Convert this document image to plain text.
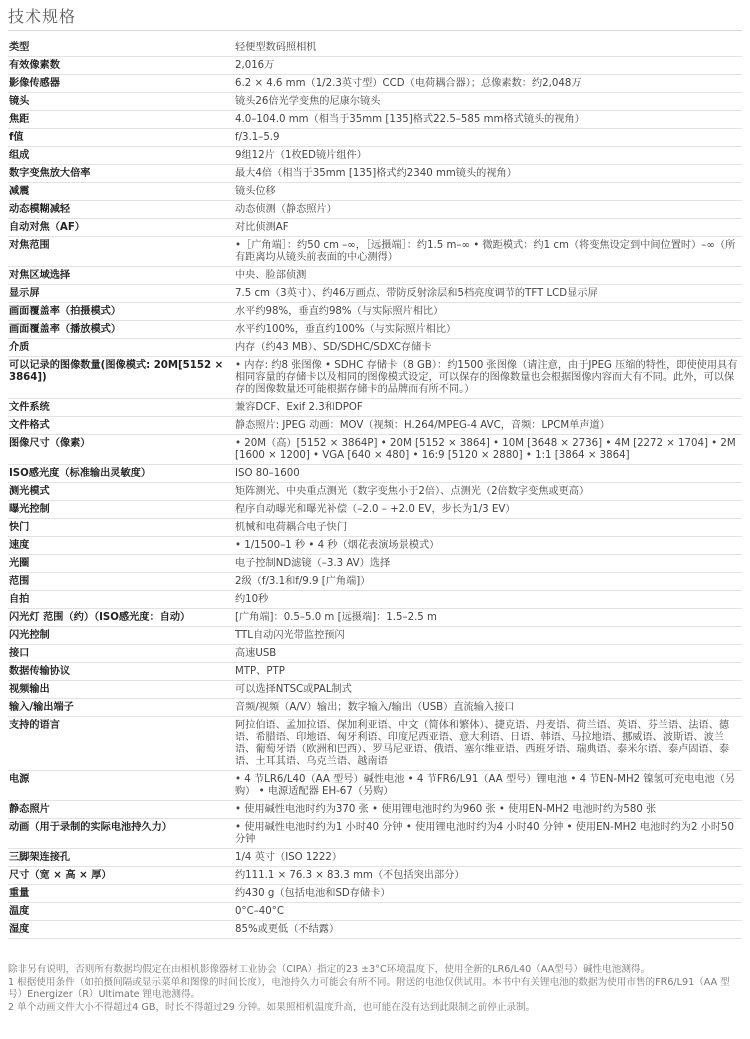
技术规格
类型	轻便型数码照相机
有效像素数	2,016万
影像传感器	6.2 × 4.6 mm（1/2.3英寸型）CCD（电荷耦合器）；总像素数：约2,048万
镜头	镜头26倍光学变焦的尼康尔镜头
焦距	4.0–104.0 mm（相当于35mm [135]格式22.5–585 mm格式镜头的视角）
f值	f/3.1–5.9
组成	9组12片（1枚ED镜片组件）
数字变焦放大倍率	最大4倍（相当于35mm [135]格式约2340 mm镜头的视角）
减震	镜头位移
动态模糊减轻	动态侦测（静态照片）
自动对焦（AF）	对比侦测AF
对焦范围	•［广角端］：约50 cm –∞，［远摄端］：约1.5 m–∞ • 微距模式：约1 cm（将变焦设定到中间位置时）–∞（所有距离均从镜头前表面的中心测得）
对焦区域选择	中央、脸部侦测
显示屏	7.5 cm（3英寸）、约46万画点、带防反射涂层和5档亮度调节的TFT LCD显示屏
画面覆盖率（拍摄模式）	水平约98%，垂直约98%（与实际照片相比）
画面覆盖率（播放模式）	水平约100%，垂直约100%（与实际照片相比）
介质	内存（约43 MB）、SD/SDHC/SDXC存储卡
可以记录的图像数量(图像模式: 20M[5152 × 3864])	• 内存: 约8 张图像 • SDHC 存储卡（8 GB）：约1500 张图像（请注意，由于JPEG 压缩的特性，即使使用具有相同容量的存储卡以及相同的图像模式设定，可以保存的图像数量也会根据图像内容而大有不同。此外，可以保存的图像数量还可能根据存储卡的品牌而有所不同。）
文件系统	兼容DCF、Exif 2.3和DPOF
文件格式	静态照片: JPEG 动画：MOV（视频：H.264/MPEG-4 AVC，音频：LPCM单声道）
图像尺寸（像素）	• 20M（高）[5152 × 3864P] • 20M [5152 × 3864] • 10M [3648 × 2736] • 4M [2272 × 1704] • 2M [1600 × 1200] • VGA [640 × 480] • 16:9 [5120 × 2880] • 1:1 [3864 × 3864]
ISO感光度（标准输出灵敏度）	ISO 80–1600
测光模式	矩阵测光、中央重点测光（数字变焦小于2倍）、点测光（2倍数字变焦或更高）
曝光控制	程序自动曝光和曝光补偿（–2.0 – +2.0 EV，步长为1/3 EV）
快门	机械和电荷耦合电子快门
速度	• 1/1500–1 秒 • 4 秒（烟花表演场景模式）
光圈	电子控制ND滤镜（–3.3 AV）选择
范围	2级（f/3.1和f/9.9 [广角端]）
自拍	约10秒
闪光灯 范围（约）（ISO感光度：自动）	[广角端]：0.5–5.0 m [远摄端]：1.5–2.5 m
闪光控制	TTL自动闪光带监控预闪
接口	高速USB
数据传输协议	MTP、PTP
视频输出	可以选择NTSC或PAL制式
输入/输出端子	音频/视频（A/V）输出；数字输入/输出（USB）直流输入接口
支持的语言	阿拉伯语、孟加拉语、保加利亚语、中文（简体和繁体）、捷克语、丹麦语、荷兰语、英语、芬兰语、法语、德语、希腊语、印地语、匈牙利语、印度尼西亚语、意大利语、日语、韩语、马拉地语、挪威语、波斯语、波兰语、葡萄牙语（欧洲和巴西）、罗马尼亚语、俄语、塞尔维亚语、西班牙语、瑞典语、泰米尔语、泰卢固语、泰语、土耳其语、乌克兰语、越南语
电源	• 4 节LR6/L40（AA 型号）碱性电池 • 4 节FR6/L91（AA 型号）锂电池 • 4 节EN-MH2 镍氢可充电电池（另购） • 电源适配器 EH-67（另购）
静态照片	• 使用碱性电池时约为370 张 • 使用锂电池时约为960 张 • 使用EN-MH2 电池时约为580 张
动画（用于录制的实际电池持久力）	• 使用碱性电池时约为1 小时40 分钟 • 使用锂电池时约为4 小时40 分钟 • 使用EN-MH2 电池时约为2 小时50 分钟
三脚架连接孔	1/4 英寸（ISO 1222）
尺寸（宽 × 高 × 厚）	约111.1 × 76.3 × 83.3 mm（不包括突出部分）
重量	约430 g（包括电池和SD存储卡）
温度	0°C–40°C
湿度	85%或更低（不结露）

除非另有说明，否则所有数据均假定在由相机影像器材工业协会（CIPA）指定的23 ±3°C环境温度下，使用全新的LR6/L40（AA型号）碱性电池测得。

1 根据使用条件（如拍摄间隔或显示菜单和图像的时间长度），电池持久力可能会有所不同。附送的电池仅供试用。本书中有关锂电池的数据为使用市售的FR6/L91（AA 型号）Energizer（R）Ultimate 锂电池测得。

2 单个动画文件大小不得超过4 GB，时长不得超过29 分钟。如果照相机温度升高，也可能在没有达到此限制之前停止录制。
